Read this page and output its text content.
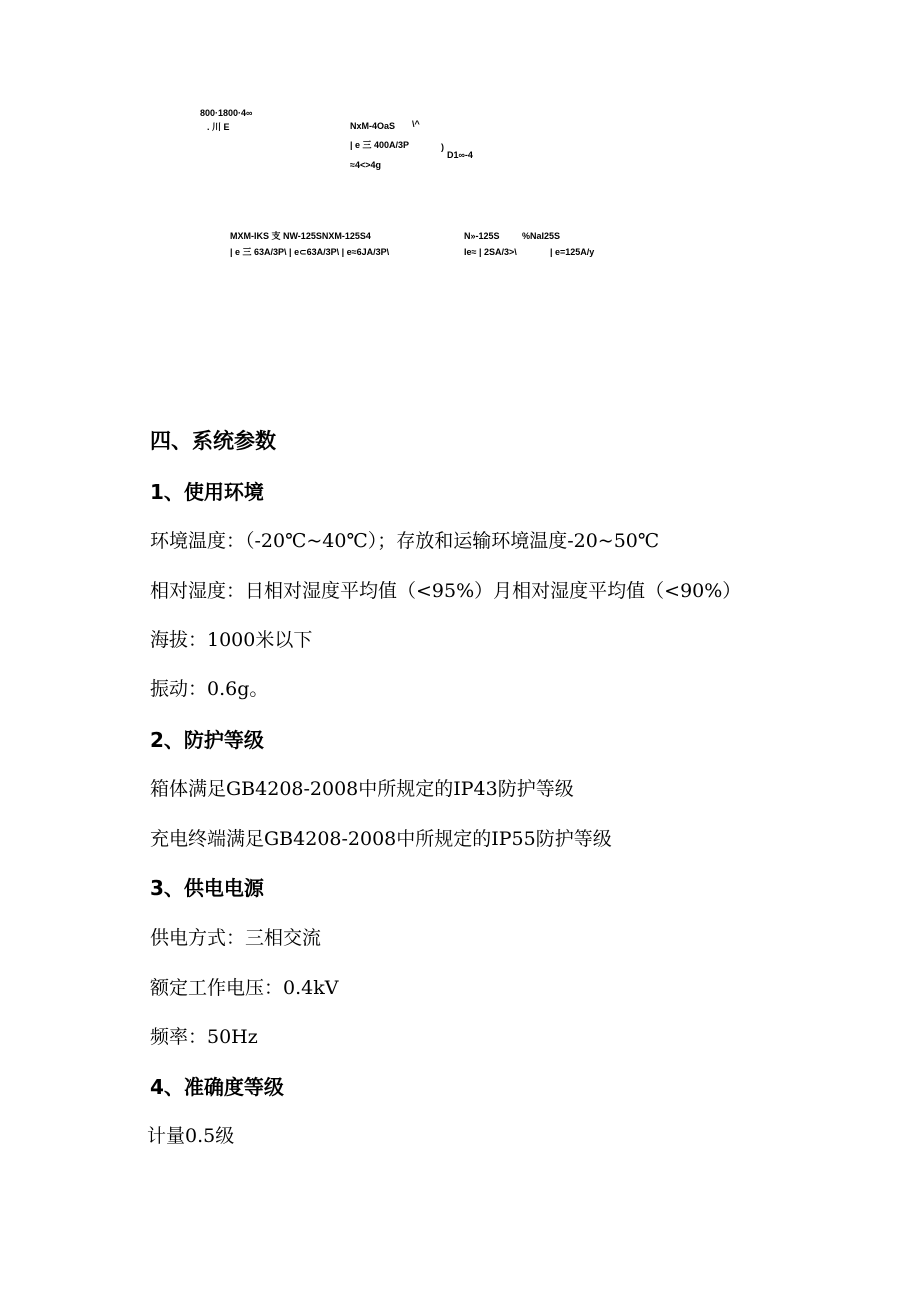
800·1800·4∞
. 川 E	NxM-4OaS \^
| e 三 400A/3P	)
D1∞-4
≈4<>4g
MXM-IKS 支 NW-125SNXM-125S4	N»-125S %NaI25S
| e 三 63A/3P\ | e⊂63A/3P\ | e≈6JA/3P\	Ie≈ | 2SA/3>\	| e=125A/y
四、系统参数
1、使用环境
环境温度：（-20℃~40℃）；存放和运输环境温度-20~50℃
相对湿度：日相对湿度平均值（<95%）月相对湿度平均值（<90%）
海拔：1000米以下
振动：0.6g。
2、防护等级
箱体满足GB4208-2008中所规定的IP43防护等级
充电终端满足GB4208-2008中所规定的IP55防护等级
3、供电电源
供电方式：三相交流
额定工作电压：0.4kV
频率：50Hz
4、准确度等级
计量0.5级
